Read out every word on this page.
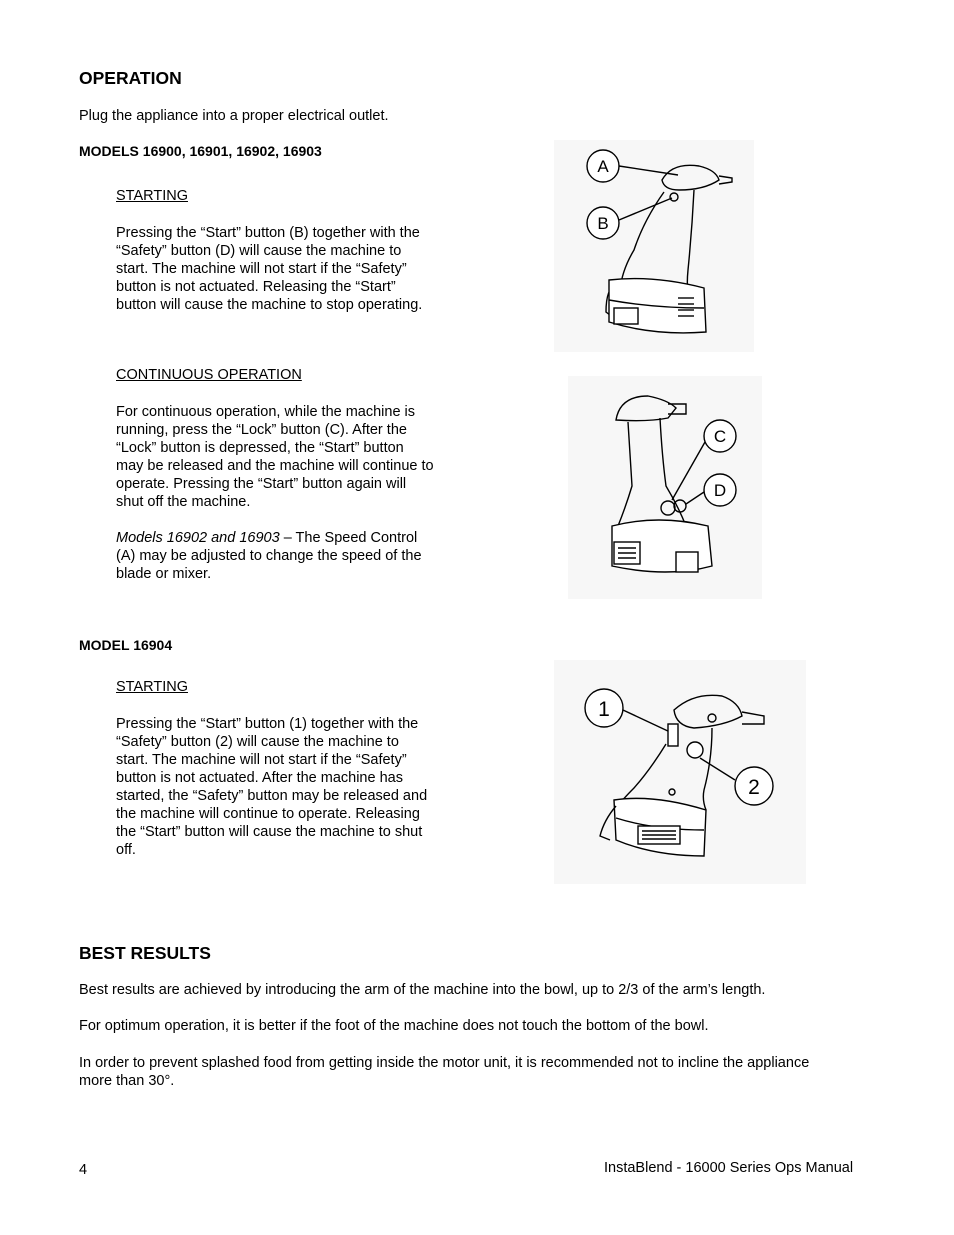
OPERATION
Plug the appliance into a proper electrical outlet.
MODELS 16900, 16901, 16902, 16903
STARTING

Pressing the “Start” button (B) together with the

“Safety” button (D) will cause the machine to

start. The machine will not start if the “Safety”

button is not actuated. Releasing the “Start”

button will cause the machine to stop operating.

CONTINUOUS OPERATION

For continuous operation, while the machine is

running, press the “Lock” button (C). After the

“Lock” button is depressed, the “Start” button

may be released and the machine will continue to

operate. Pressing the “Start” button again will

shut off the machine.

Models 16902 and 16903 – The Speed Control

(A) may be adjusted to change the speed of the

blade or mixer.

A
B
C
D
MODEL 16904
STARTING

Pressing the “Start” button (1) together with the

“Safety” button (2) will cause the machine to

start. The machine will not start if the “Safety”

button is not actuated. After the machine has

started, the “Safety” button may be released and

the machine will continue to operate. Releasing

the “Start” button will cause the machine to shut

off.

1
2
BEST RESULTS
Best results are achieved by introducing the arm of the machine into the bowl, up to 2/3 of the arm’s length.
For optimum operation, it is better if the foot of the machine does not touch the bottom of the bowl.

In order to prevent splashed food from getting inside the motor unit, it is recommended not to incline the appliance

more than 30°.

4	InstaBlend - 16000 Series Ops Manual
